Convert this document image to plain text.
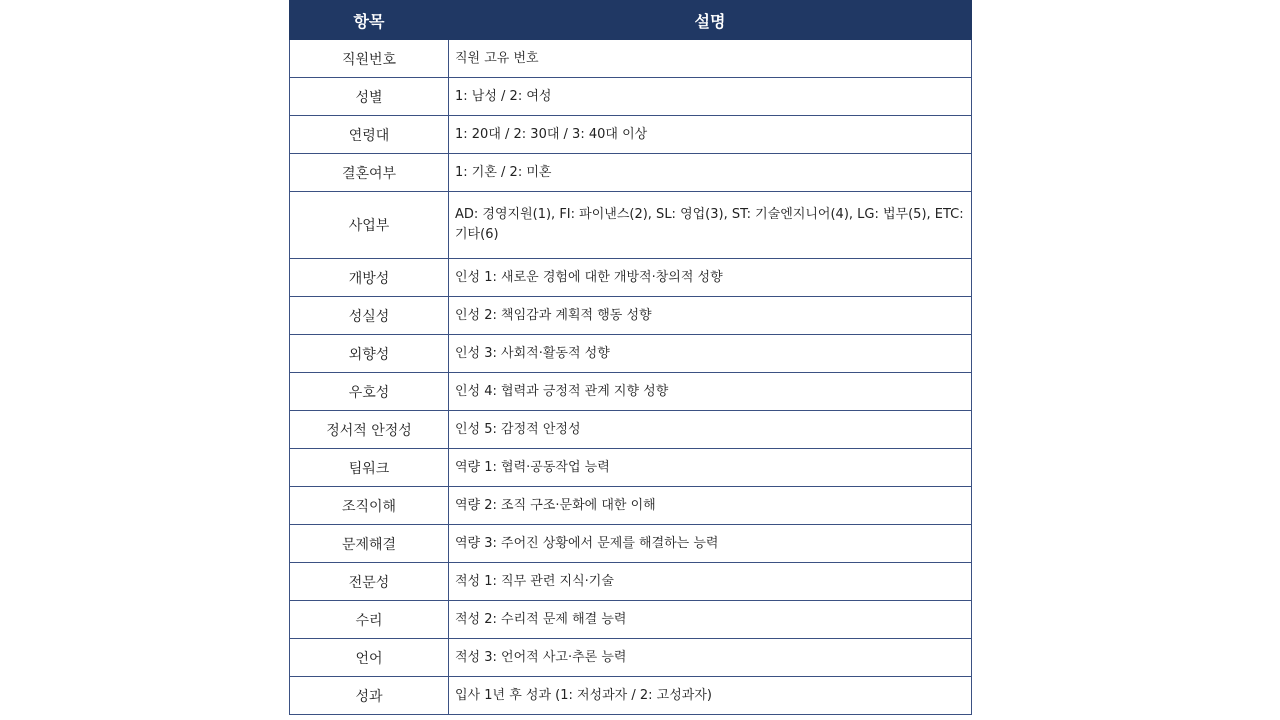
항목	설명
직원번호	직원 고유 번호
성별	1: 남성 / 2: 여성
연령대	1: 20대 / 2: 30대 / 3: 40대 이상
결혼여부	1: 기혼 / 2: 미혼
사업부	AD: 경영지원(1), FI: 파이낸스(2), SL: 영업(3), ST: 기술엔지니어(4), LG: 법무(5), ETC: 기타(6)
개방성	인성 1: 새로운 경험에 대한 개방적·창의적 성향
성실성	인성 2: 책임감과 계획적 행동 성향
외향성	인성 3: 사회적·활동적 성향
우호성	인성 4: 협력과 긍정적 관계 지향 성향
정서적 안정성	인성 5: 감정적 안정성
팀워크	역량 1: 협력·공동작업 능력
조직이해	역량 2: 조직 구조·문화에 대한 이해
문제해결	역량 3: 주어진 상황에서 문제를 해결하는 능력
전문성	적성 1: 직무 관련 지식·기술
수리	적성 2: 수리적 문제 해결 능력
언어	적성 3: 언어적 사고·추론 능력
성과	입사 1년 후 성과 (1: 저성과자 / 2: 고성과자)
